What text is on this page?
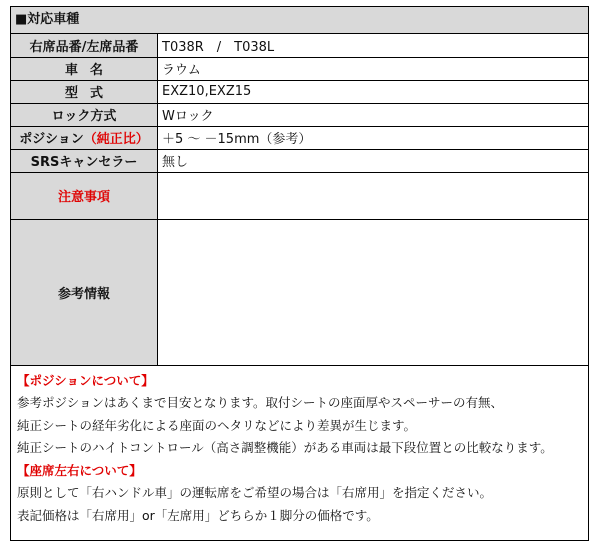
■対応車種
右席品番/左席品番	T038R　/　T038L
車名	ラウム
型式	EXZ10,EXZ15
ロック方式	Wロック
ポジション（純正比）	＋5 〜 －15mm（参考）
SRSキャンセラー	無し
注意事項	
参考情報	
【ポジションについて】
参考ポジションはあくまで目安となります。取付シートの座面厚やスペーサーの有無、
純正シートの経年劣化による座面のヘタリなどにより差異が生じます。
純正シートのハイトコントロール（高さ調整機能）がある車両は最下段位置との比較なります。
【座席左右について】
原則として「右ハンドル車」の運転席をご希望の場合は「右席用」を指定ください。
表記価格は「右席用」or「左席用」どちらか１脚分の価格です。
